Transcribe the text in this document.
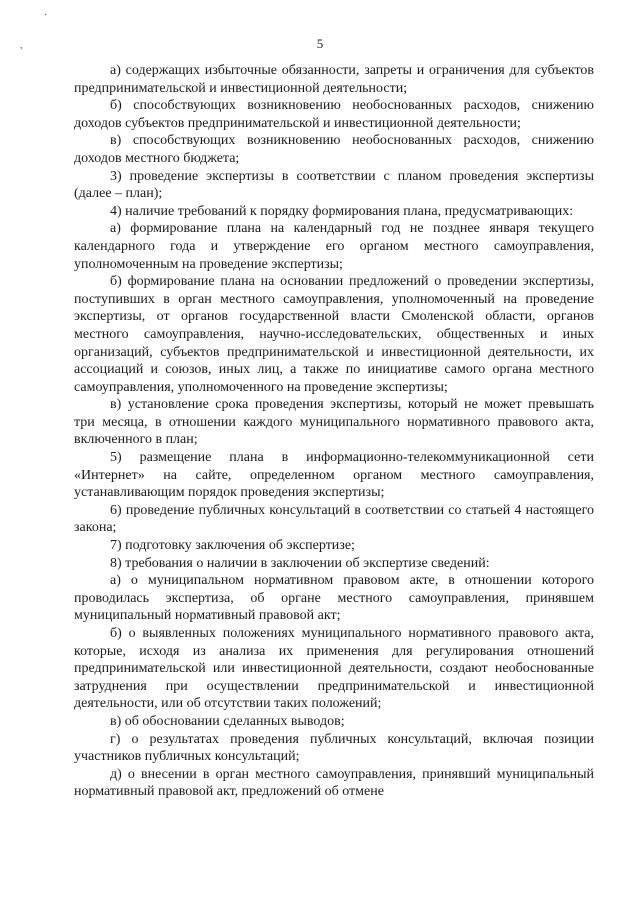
·
,	5

а) содержащих избыточные обязанности, запреты и ограничения для субъектов предпринимательской и инвестиционной деятельности;

б) способствующих возникновению необоснованных расходов, снижению доходов субъектов предпринимательской и инвестиционной деятельности;

в) способствующих возникновению необоснованных расходов, снижению доходов местного бюджета;

3) проведение экспертизы в соответствии с планом проведения экспертизы (далее – план);

4) наличие требований к порядку формирования плана, предусматривающих:

а) формирование плана на календарный год не позднее января текущего календарного года и утверждение его органом местного самоуправления, уполномоченным на проведение экспертизы;

б) формирование плана на основании предложений о проведении экспертизы, поступивших в орган местного самоуправления, уполномоченный на проведение экспертизы, от органов государственной власти Смоленской области, органов местного самоуправления, научно-исследовательских, общественных и иных организаций, субъектов предпринимательской и инвестиционной деятельности, их ассоциаций и союзов, иных лиц, а также по инициативе самого органа местного самоуправления, уполномоченного на проведение экспертизы;

в) установление срока проведения экспертизы, который не может превышать три месяца, в отношении каждого муниципального нормативного правового акта, включенного в план;

5) размещение плана в информационно-телекоммуникационной сети «Интернет» на сайте, определенном органом местного самоуправления, устанавливающим порядок проведения экспертизы;

6) проведение публичных консультаций в соответствии со статьей 4 настоящего закона;

7) подготовку заключения об экспертизе;

8) требования о наличии в заключении об экспертизе сведений:

а) о муниципальном нормативном правовом акте, в отношении которого проводилась экспертиза, об органе местного самоуправления, принявшем муниципальный нормативный правовой акт;

б) о выявленных положениях муниципального нормативного правового акта, которые, исходя из анализа их применения для регулирования отношений предпринимательской или инвестиционной деятельности, создают необоснованные затруднения при осуществлении предпринимательской и инвестиционной деятельности, или об отсутствии таких положений;

в) об обосновании сделанных выводов;

г) о результатах проведения публичных консультаций, включая позиции участников публичных консультаций;

д) о внесении в орган местного самоуправления, принявший муниципальный нормативный правовой акт, предложений об отмене
